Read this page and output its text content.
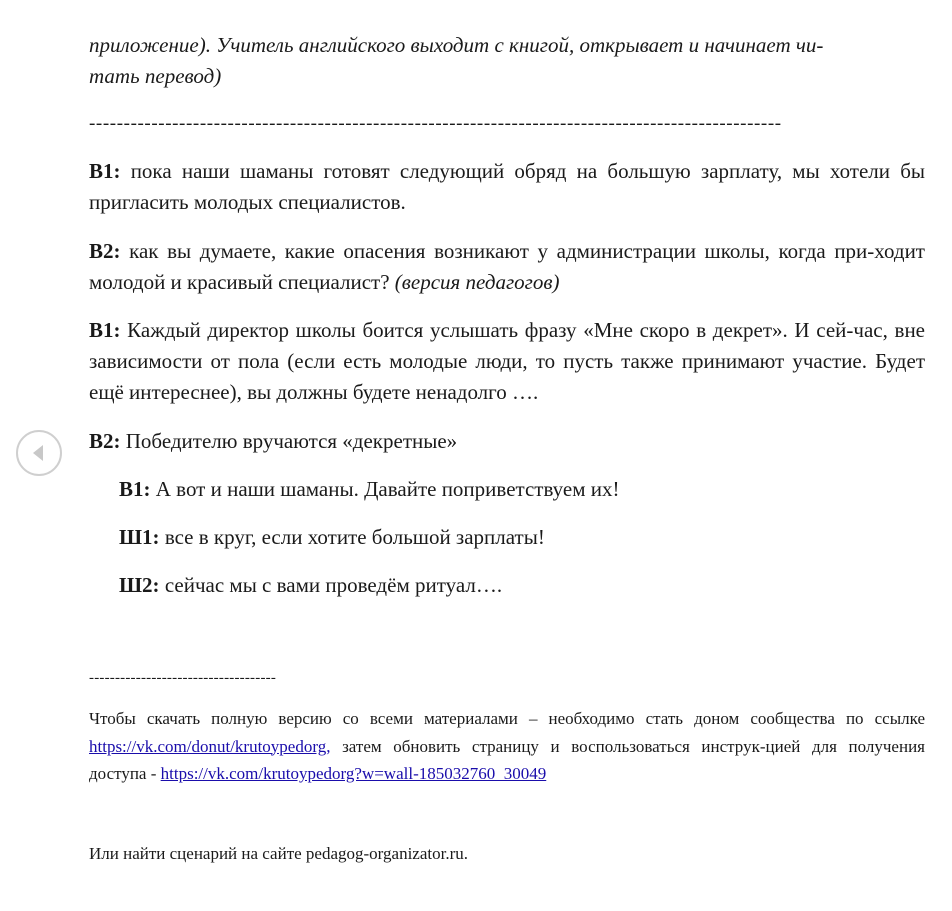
приложение). Учитель английского выходит с книгой, открывает и начинает чи-
тать перевод)
----------------------------------------------------------------------------------------------------
В1: пока наши шаманы готовят следующий обряд на большую зарплату, мы хотели бы пригласить молодых специалистов.
В2: как вы думаете, какие опасения возникают у администрации школы, когда при-ходит молодой и красивый специалист? (версия педагогов)
В1: Каждый директор школы боится услышать фразу «Мне скоро в декрет». И сей-час, вне зависимости от пола (если есть молодые люди, то пусть также принимают участие. Будет ещё интереснее), вы должны будете ненадолго ….
В2: Победителю вручаются «декретные»
В1: А вот и наши шаманы. Давайте поприветствуем их!
Ш1: все в круг, если хотите большой зарплаты!
Ш2: сейчас мы с вами проведём ритуал….
------------------------------------
Чтобы скачать полную версию со всеми материалами – необходимо стать доном сообщества по ссылке https://vk.com/donut/krutoypedorg, затем обновить страницу и воспользоваться инструк-цией для получения доступа - https://vk.com/krutoypedorg?w=wall-185032760_30049
Или найти сценарий на сайте pedagog-organizator.ru.
